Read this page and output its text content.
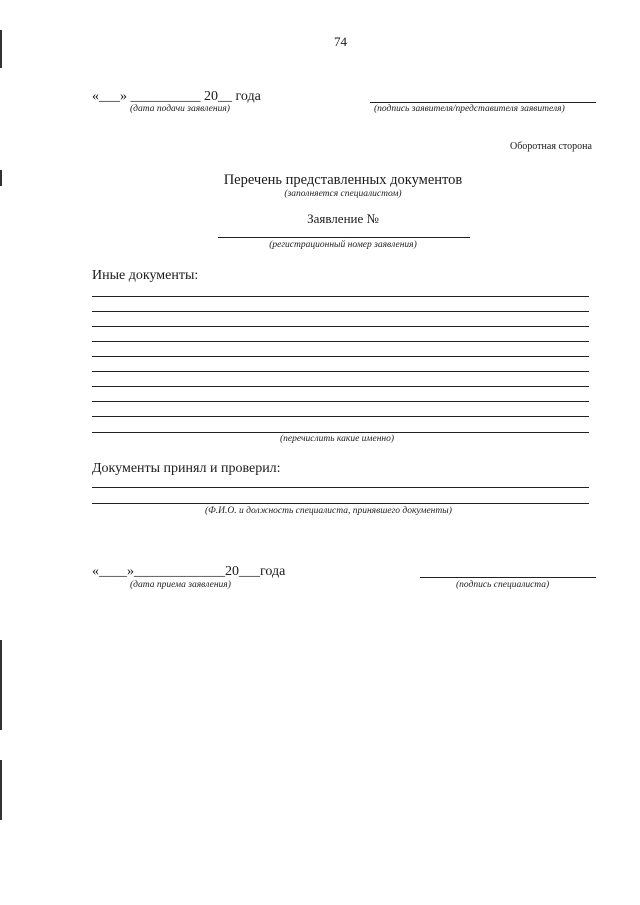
74
«___» __________ 20__ года
(дата подачи заявления)	(подпись заявителя/представителя заявителя)
Оборотная сторона
Перечень представленных документов
(заполняется специалистом)
Заявление №
(регистрационный номер заявления)
Иные документы:
(перечислить какие именно)
Документы принял и проверил:
(Ф.И.О. и должность специалиста, принявшего документы)
«____»_____________20___года
(дата приема заявления)	(подпись специалиста)
